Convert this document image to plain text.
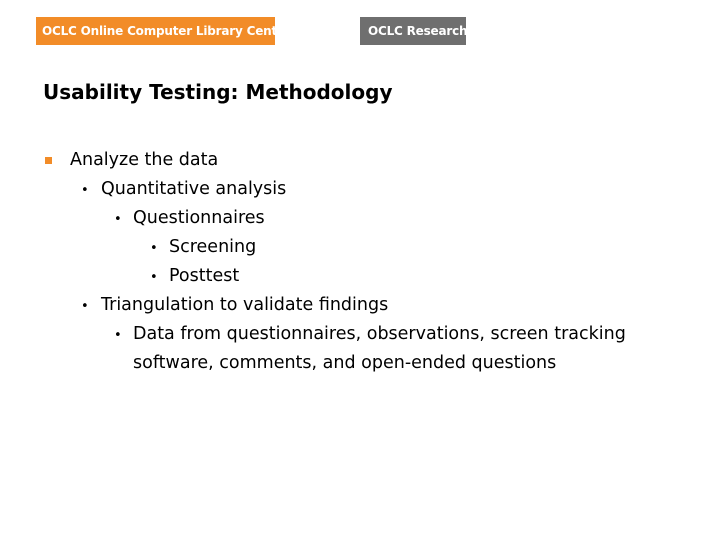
OCLC Online Computer Library Center	OCLC Research
Usability Testing: Methodology
Analyze the data
• Quantitative analysis
• Questionnaires
• Screening
• Posttest
• Triangulation to validate findings
• Data from questionnaires, observations, screen tracking software, comments, and open-ended questions
